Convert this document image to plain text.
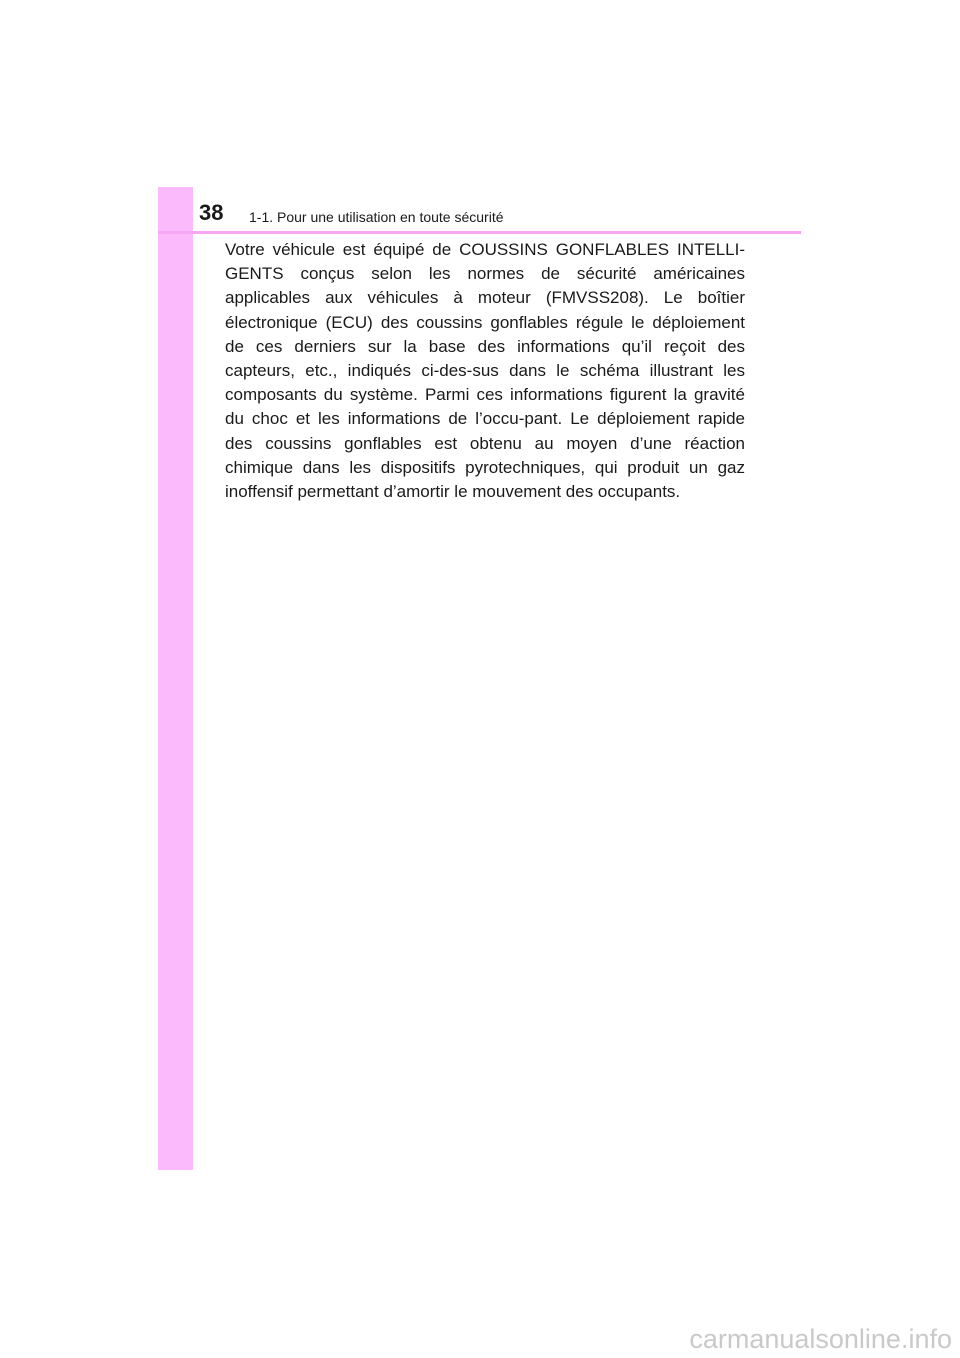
38 1-1. Pour une utilisation en toute sécurité

Votre véhicule est équipé de COUSSINS GONFLABLES INTELLI-GENTS conçus selon les normes de sécurité américaines applicables aux véhicules à moteur (FMVSS208). Le boîtier électronique (ECU) des coussins gonflables régule le déploiement de ces derniers sur la base des informations qu’il reçoit des capteurs, etc., indiqués ci-des-sus dans le schéma illustrant les composants du système. Parmi ces informations figurent la gravité du choc et les informations de l’occu-pant. Le déploiement rapide des coussins gonflables est obtenu au moyen d’une réaction chimique dans les dispositifs pyrotechniques, qui produit un gaz inoffensif permettant d’amortir le mouvement des occupants.

carmanualsonline.info
